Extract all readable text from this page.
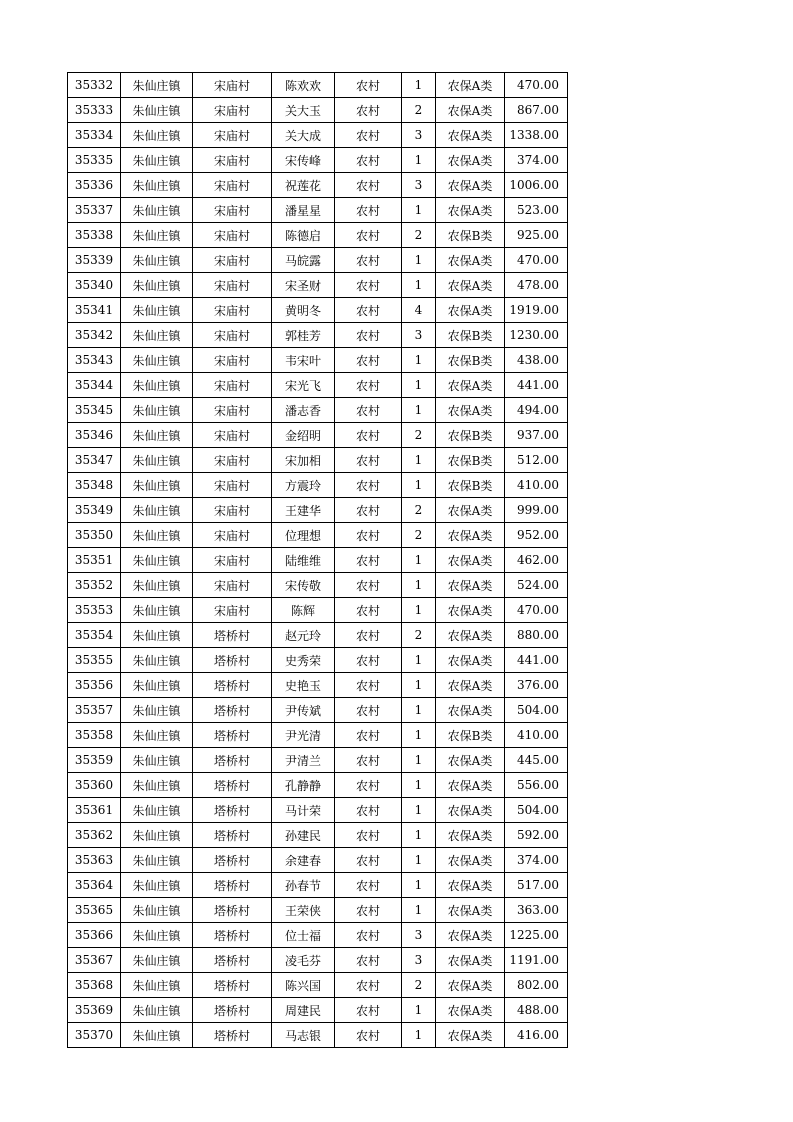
35332	朱仙庄镇	宋庙村	陈欢欢	农村	1	农保A类	470.00
35333	朱仙庄镇	宋庙村	关大玉	农村	2	农保A类	867.00
35334	朱仙庄镇	宋庙村	关大成	农村	3	农保A类	1338.00
35335	朱仙庄镇	宋庙村	宋传峰	农村	1	农保A类	374.00
35336	朱仙庄镇	宋庙村	祝莲花	农村	3	农保A类	1006.00
35337	朱仙庄镇	宋庙村	潘星星	农村	1	农保A类	523.00
35338	朱仙庄镇	宋庙村	陈德启	农村	2	农保B类	925.00
35339	朱仙庄镇	宋庙村	马皖露	农村	1	农保A类	470.00
35340	朱仙庄镇	宋庙村	宋圣财	农村	1	农保A类	478.00
35341	朱仙庄镇	宋庙村	黄明冬	农村	4	农保A类	1919.00
35342	朱仙庄镇	宋庙村	郭桂芳	农村	3	农保B类	1230.00
35343	朱仙庄镇	宋庙村	韦宋叶	农村	1	农保B类	438.00
35344	朱仙庄镇	宋庙村	宋光飞	农村	1	农保A类	441.00
35345	朱仙庄镇	宋庙村	潘志香	农村	1	农保A类	494.00
35346	朱仙庄镇	宋庙村	金绍明	农村	2	农保B类	937.00
35347	朱仙庄镇	宋庙村	宋加相	农村	1	农保B类	512.00
35348	朱仙庄镇	宋庙村	方震玲	农村	1	农保B类	410.00
35349	朱仙庄镇	宋庙村	王建华	农村	2	农保A类	999.00
35350	朱仙庄镇	宋庙村	位理想	农村	2	农保A类	952.00
35351	朱仙庄镇	宋庙村	陆维维	农村	1	农保A类	462.00
35352	朱仙庄镇	宋庙村	宋传敬	农村	1	农保A类	524.00
35353	朱仙庄镇	宋庙村	陈辉	农村	1	农保A类	470.00
35354	朱仙庄镇	塔桥村	赵元玲	农村	2	农保A类	880.00
35355	朱仙庄镇	塔桥村	史秀荣	农村	1	农保A类	441.00
35356	朱仙庄镇	塔桥村	史艳玉	农村	1	农保A类	376.00
35357	朱仙庄镇	塔桥村	尹传斌	农村	1	农保A类	504.00
35358	朱仙庄镇	塔桥村	尹光清	农村	1	农保B类	410.00
35359	朱仙庄镇	塔桥村	尹清兰	农村	1	农保A类	445.00
35360	朱仙庄镇	塔桥村	孔静静	农村	1	农保A类	556.00
35361	朱仙庄镇	塔桥村	马计荣	农村	1	农保A类	504.00
35362	朱仙庄镇	塔桥村	孙建民	农村	1	农保A类	592.00
35363	朱仙庄镇	塔桥村	余建春	农村	1	农保A类	374.00
35364	朱仙庄镇	塔桥村	孙春节	农村	1	农保A类	517.00
35365	朱仙庄镇	塔桥村	王荣侠	农村	1	农保A类	363.00
35366	朱仙庄镇	塔桥村	位士福	农村	3	农保A类	1225.00
35367	朱仙庄镇	塔桥村	凌毛芬	农村	3	农保A类	1191.00
35368	朱仙庄镇	塔桥村	陈兴国	农村	2	农保A类	802.00
35369	朱仙庄镇	塔桥村	周建民	农村	1	农保A类	488.00
35370	朱仙庄镇	塔桥村	马志银	农村	1	农保A类	416.00
